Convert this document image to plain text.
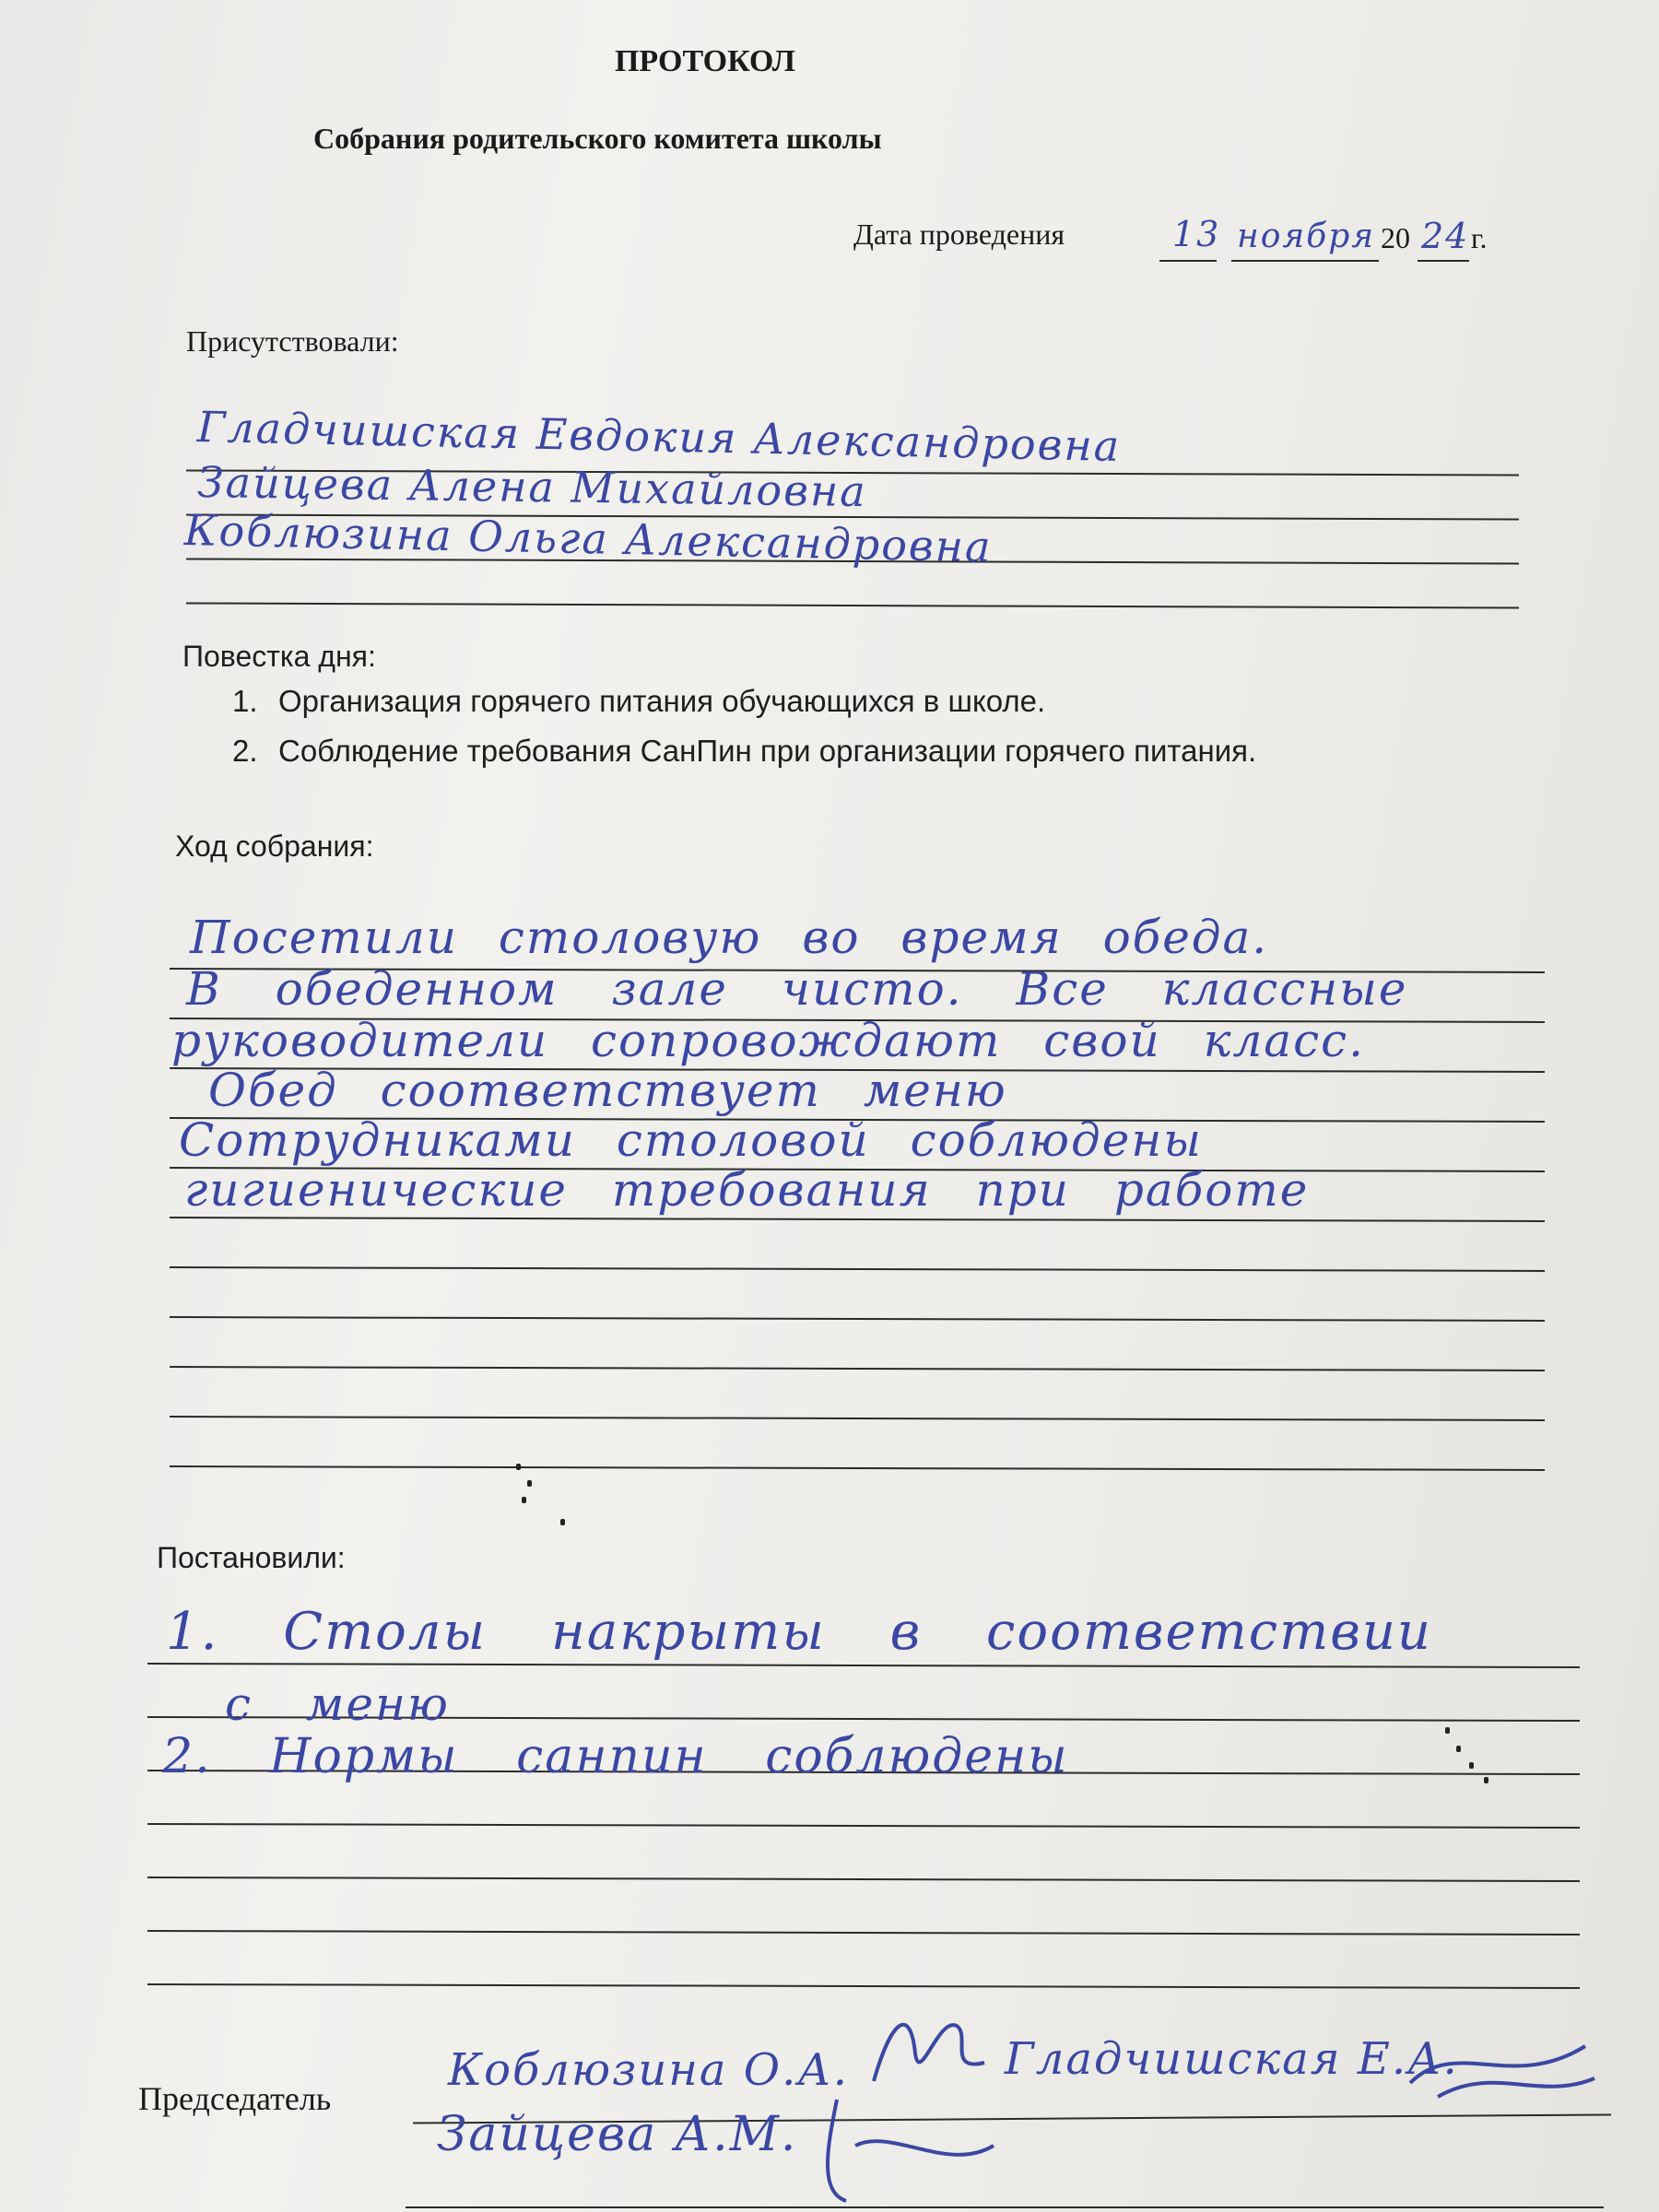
ПРОТОКОЛ
Собрания родительского комитета школы
Дата проведения	13 ноября 20 24 г.
Присутствовали:
Гладчишская Евдокия Александровна
Зайцева Алена Михайловна
Коблюзина Ольга Александровна
Повестка дня:
1. Организация горячего питания обучающихся в школе.
2. Соблюдение требования СанПин при организации горячего питания.
Ход собрания:
Посетили столовую во время обеда.
В обеденном зале чисто. Все классные
руководители сопровождают свой класс.
Обед соответствует меню
Сотрудниками столовой соблюдены
гигиенические требования при работе
Постановили:
1. Столы накрыты в соответствии
с меню
2. Нормы санпин соблюдены
Председатель
Коблюзина О.А.	Гладчишская Е.А.
Зайцева А.М.
